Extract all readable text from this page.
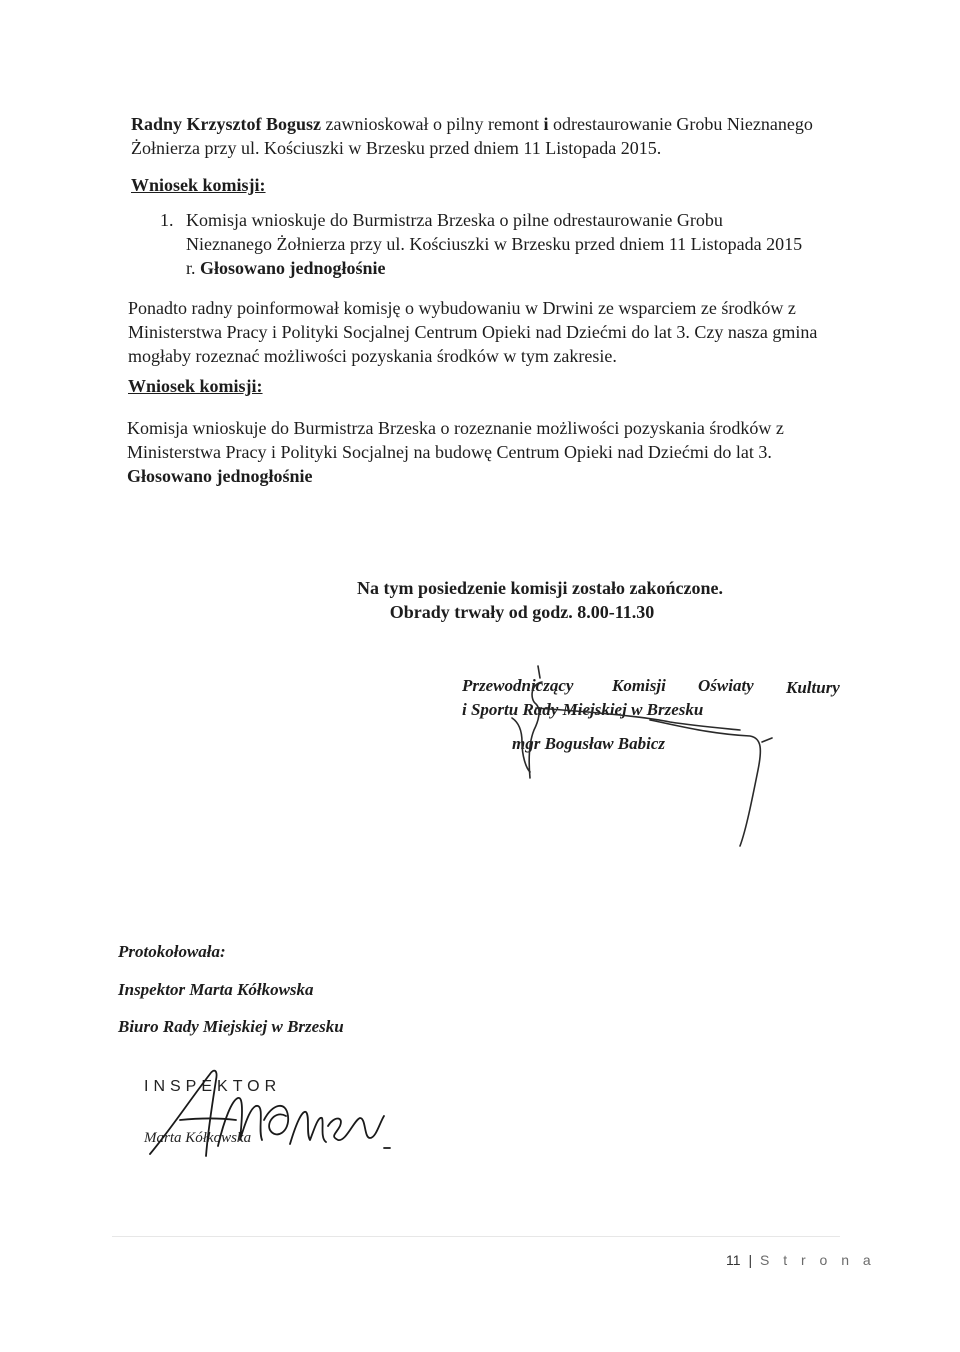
Radny Krzysztof Bogusz zawnioskował o pilny remont i odrestaurowanie Grobu Nieznanego
Żołnierza przy ul. Kościuszki w Brzesku przed dniem 11 Listopada 2015.
Wniosek komisji:
1. Komisja wnioskuje do Burmistrza Brzeska o pilne odrestaurowanie Grobu
Nieznanego Żołnierza przy ul. Kościuszki w Brzesku przed dniem 11 Listopada 2015
r. Głosowano jednogłośnie
Ponadto radny poinformował komisję o wybudowaniu w Drwini ze wsparciem ze środków z
Ministerstwa Pracy i Polityki Socjalnej Centrum Opieki nad Dziećmi do lat 3. Czy nasza gmina
mogłaby rozeznać możliwości pozyskania środków w tym zakresie.
Wniosek komisji:
Komisja wnioskuje do Burmistrza Brzeska o rozeznanie możliwości pozyskania środków z
Ministerstwa Pracy i Polityki Socjalnej na budowę Centrum Opieki nad Dziećmi do lat 3.
Głosowano jednogłośnie
Na tym posiedzenie komisji zostało zakończone.
Obrady trwały od godz. 8.00-11.30
Przewodniczący Komisji Oświaty Kultury
i Sportu Rady Miejskiej w Brzesku
mgr Bogusław Babicz
Protokołowała:
Inspektor Marta Kółkowska
Biuro Rady Miejskiej w Brzesku
INSPEKTOR
Marta Kółkowska
11 | S t r o n a
